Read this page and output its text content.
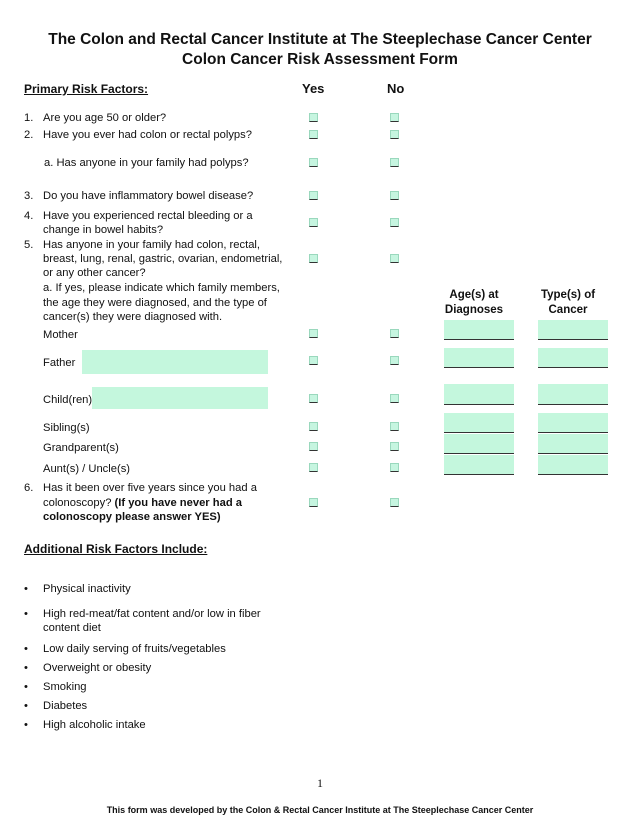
The Colon and Rectal Cancer Institute at The Steeplechase Cancer Center
Colon Cancer Risk Assessment Form
Primary Risk Factors:	Yes	No
1. Are you age 50 or older?
2. Have you ever had colon or rectal polyps?
a. Has anyone in your family had polyps?
3. Do you have inflammatory bowel disease?
4. Have you experienced rectal bleeding or a
change in bowel habits?
5. Has anyone in your family had colon, rectal,
breast, lung, renal, gastric, ovarian, endometrial,
or any other cancer?
a. If yes, please indicate which family members,
the age they were diagnosed, and the type of
cancer(s) they were diagnosed with.
Age(s) at
Diagnoses
Type(s) of
Cancer
Mother
Father
Child(ren)
Sibling(s)
Grandparent(s)
Aunt(s) / Uncle(s)
6. Has it been over five years since you had a
colonoscopy? (If you have never had a
colonoscopy please answer YES)
Additional Risk Factors Include:
• Physical inactivity
• High red-meat/fat content and/or low in fiber
content diet
• Low daily serving of fruits/vegetables
• Overweight or obesity
• Smoking
• Diabetes
• High alcoholic intake
1
This form was developed by the Colon & Rectal Cancer Institute at The Steeplechase Cancer Center
